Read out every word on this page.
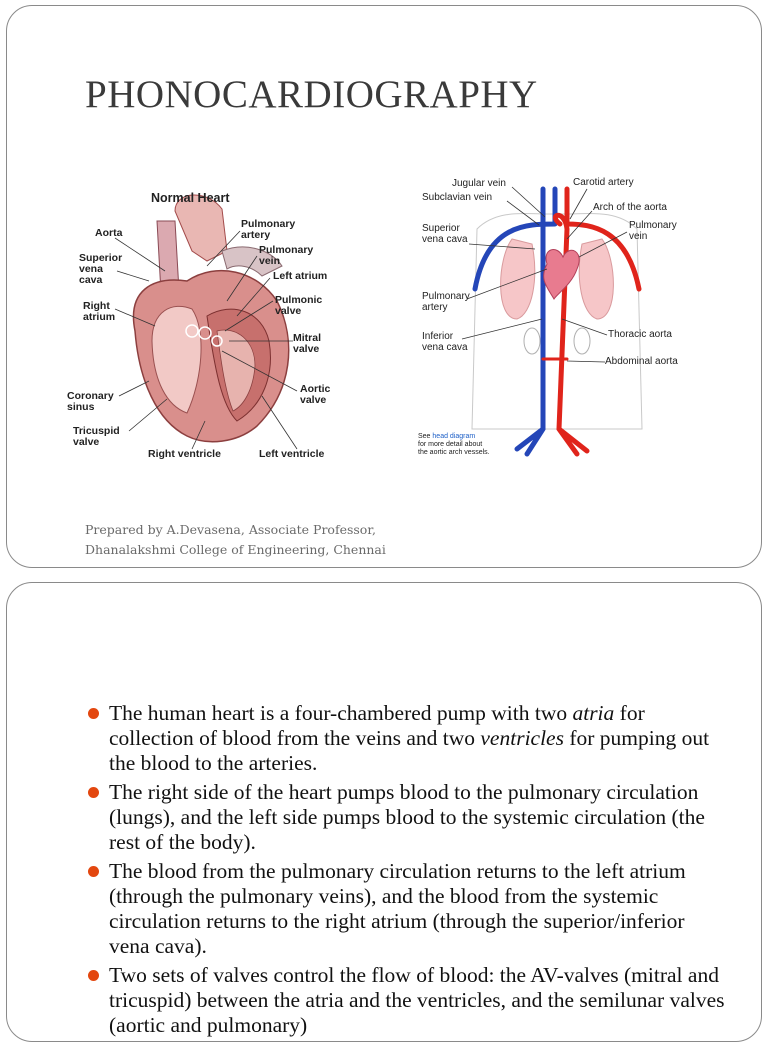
PHONOCARDIOGRAPHY
Normal Heart
Aorta
Superior
vena
cava
Right
atrium
Coronary
sinus
Tricuspid
valve
Right ventricle	Left ventricle
Pulmonary
artery
Pulmonary
vein
Left atrium
Pulmonic
valve
Mitral
valve
Aortic
valve
Jugular vein	Carotid artery
Subclavian vein
Arch of the aorta
Superior
vena cava
Pulmonary
vein
Pulmonary
artery
Thoracic aorta
Inferior
vena cava
Abdominal aorta
See head diagram
for more detail about
the aortic arch vessels.
Prepared by A.Devasena, Associate Professor,
Dhanalakshmi College of Engineering, Chennai
The human heart is a four-chambered pump with two atria for collection of blood from the veins and two ventricles for pumping out the blood to the arteries.
The right side of the heart pumps blood to the pulmonary circulation (lungs), and the left side pumps blood to the systemic circulation (the rest of the body).
The blood from the pulmonary circulation returns to the left atrium (through the pulmonary veins), and the blood from the systemic circulation returns to the right atrium (through the superior/inferior vena cava).
Two sets of valves control the flow of blood: the AV-valves (mitral and tricuspid) between the atria and the ventricles, and the semilunar valves (aortic and pulmonary)
